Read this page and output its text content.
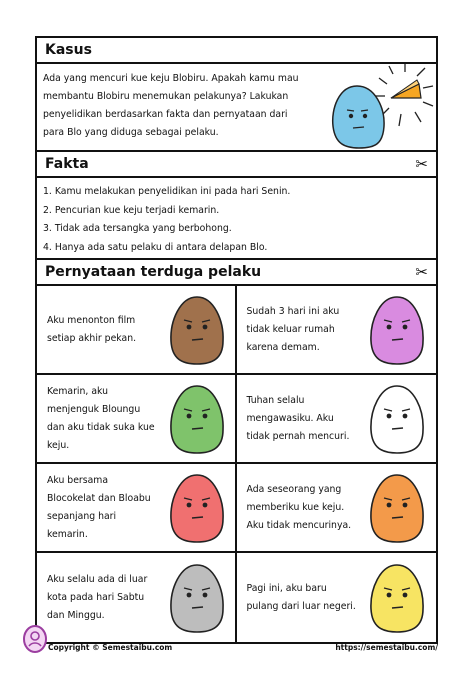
Kasus
Ada yang mencuri kue keju Blobiru. Apakah kamu mau membantu Blobiru menemukan pelakunya? Lakukan penyelidikan berdasarkan fakta dan pernyataan dari para Blo yang diduga sebagai pelaku.
Fakta	✂
1. Kamu melakukan penyelidikan ini pada hari Senin.
2. Pencurian kue keju terjadi kemarin.
3. Tidak ada tersangka yang berbohong.
4. Hanya ada satu pelaku di antara delapan Blo.
Pernyataan terduga pelaku	✂
Aku menonton film setiap akhir pekan.
Sudah 3 hari ini aku tidak keluar rumah karena demam.
Kemarin, aku menjenguk Bloungu dan aku tidak suka kue keju.
Tuhan selalu mengawasiku. Aku tidak pernah mencuri.
Aku bersama Blocokelat dan Bloabu sepanjang hari kemarin.
Ada seseorang yang memberiku kue keju. Aku tidak mencurinya.
Aku selalu ada di luar kota pada hari Sabtu dan Minggu.
Pagi ini, aku baru pulang dari luar negeri.
Copyright © Semestaibu.com	https://semestaibu.com/
